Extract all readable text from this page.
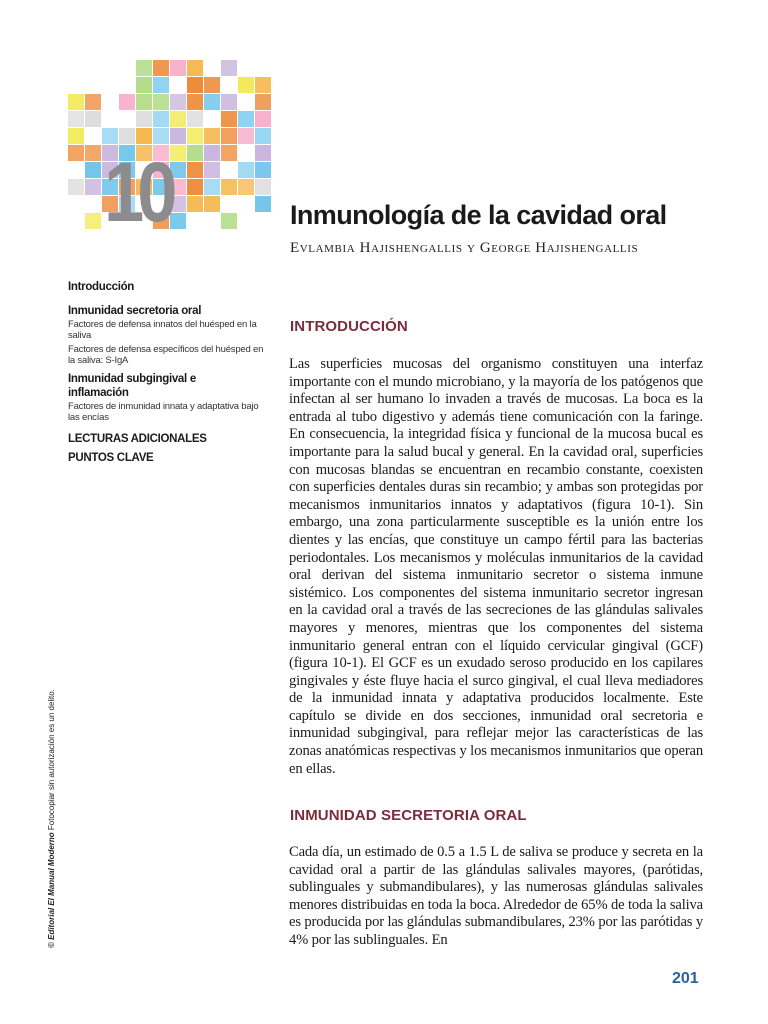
10	Inmunología de la cavidad oral
Evlambia Hajishengallis y George Hajishengallis
Introducción
Inmunidad secretoria oral
Factores de defensa innatos del huésped en la saliva
Factores de defensa específicos del huésped en la saliva: S-IgA
Inmunidad subgingival e inflamación
Factores de inmunidad innata y adaptativa bajo las encías
LECTURAS ADICIONALES
PUNTOS CLAVE
© Editorial El Manual Moderno Fotocopiar sin autorización es un delito.
INTRODUCCIÓN

Las superficies mucosas del organismo constituyen una interfaz importante con el mundo microbiano, y la mayoría de los patógenos que infectan al ser humano lo invaden a través de mucosas. La boca es la entrada al tubo digestivo y además tiene comunicación con la faringe. En consecuencia, la integridad física y funcional de la mucosa bucal es importante para la salud bucal y general. En la cavidad oral, superficies con mucosas blandas se encuentran en recambio constante, coexisten con superficies dentales duras sin recambio; y ambas son protegidas por mecanismos inmunitarios innatos y adaptativos (figura 10-1). Sin embargo, una zona particularmente susceptible es la unión entre los dientes y las encías, que constituye un campo fértil para las bacterias periodontales. Los mecanismos y moléculas inmunitarios de la cavidad oral derivan del sistema inmunitario secretor o sistema inmune sistémico. Los componentes del sistema inmunitario secretor ingresan en la cavidad oral a través de las secreciones de las glándulas salivales mayores y menores, mientras que los componentes del sistema inmunitario general entran con el líquido cervicular gingival (GCF) (figura 10-1). El GCF es un exudado seroso producido en los capilares gingivales y éste fluye hacia el surco gingival, el cual lleva mediadores de la inmunidad innata y adaptativa producidos localmente. Este capítulo se divide en dos secciones, inmunidad oral secretoria e inmunidad subgingival, para reflejar mejor las características de las zonas anatómicas respectivas y los mecanismos inmunitarios que operan en ellas.

INMUNIDAD SECRETORIA ORAL

Cada día, un estimado de 0.5 a 1.5 L de saliva se produce y secreta en la cavidad oral a partir de las glándulas salivales mayores, (parótidas, sublinguales y submandibulares), y las numerosas glándulas salivales menores distribuidas en toda la boca. Alrededor de 65% de toda la saliva es producida por las glándulas submandibulares, 23% por las parótidas y 4% por las sublinguales. En

201
